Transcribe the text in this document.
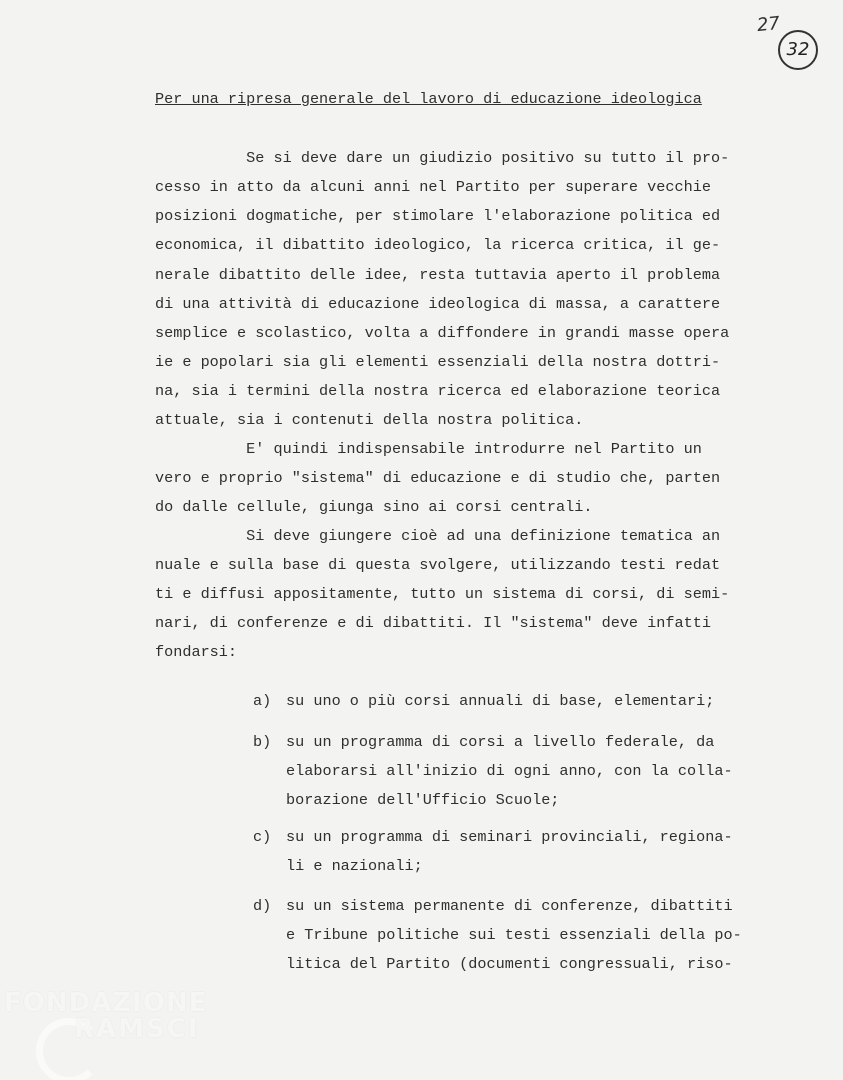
27
32
Per una ripresa generale del lavoro di educazione ideologica
Se si deve dare un giudizio positivo su tutto il pro-
cesso in atto da alcuni anni nel Partito per superare vecchie
posizioni dogmatiche, per stimolare l'elaborazione politica ed
economica, il dibattito ideologico, la ricerca critica, il ge-
nerale dibattito delle idee, resta tuttavia aperto il problema
di una attività di educazione ideologica di massa, a carattere
semplice e scolastico, volta a diffondere in grandi masse opera
ie e popolari sia gli elementi essenziali della nostra dottri-
na, sia i termini della nostra ricerca ed elaborazione teorica
attuale, sia i contenuti della nostra politica.
E' quindi indispensabile introdurre nel Partito un
vero e proprio "sistema" di educazione e di studio che, parten
do dalle cellule, giunga sino ai corsi centrali.
Si deve giungere cioè ad una definizione tematica an
nuale e sulla base di questa svolgere, utilizzando testi redat
ti e diffusi appositamente, tutto un sistema di corsi, di semi-
nari, di conferenze e di dibattiti. Il "sistema" deve infatti
fondarsi:
a) su uno o più corsi annuali di base, elementari;
b) su un programma di corsi a livello federale, da
elaborarsi all'inizio di ogni anno, con la colla-
borazione dell'Ufficio Scuole;
c) su un programma di seminari provinciali, regiona-
li e nazionali;
d) su un sistema permanente di conferenze, dibattiti
e Tribune politiche sui testi essenziali della po-
litica del Partito (documenti congressuali, riso-
FONDAZIONE
RAMSCI
